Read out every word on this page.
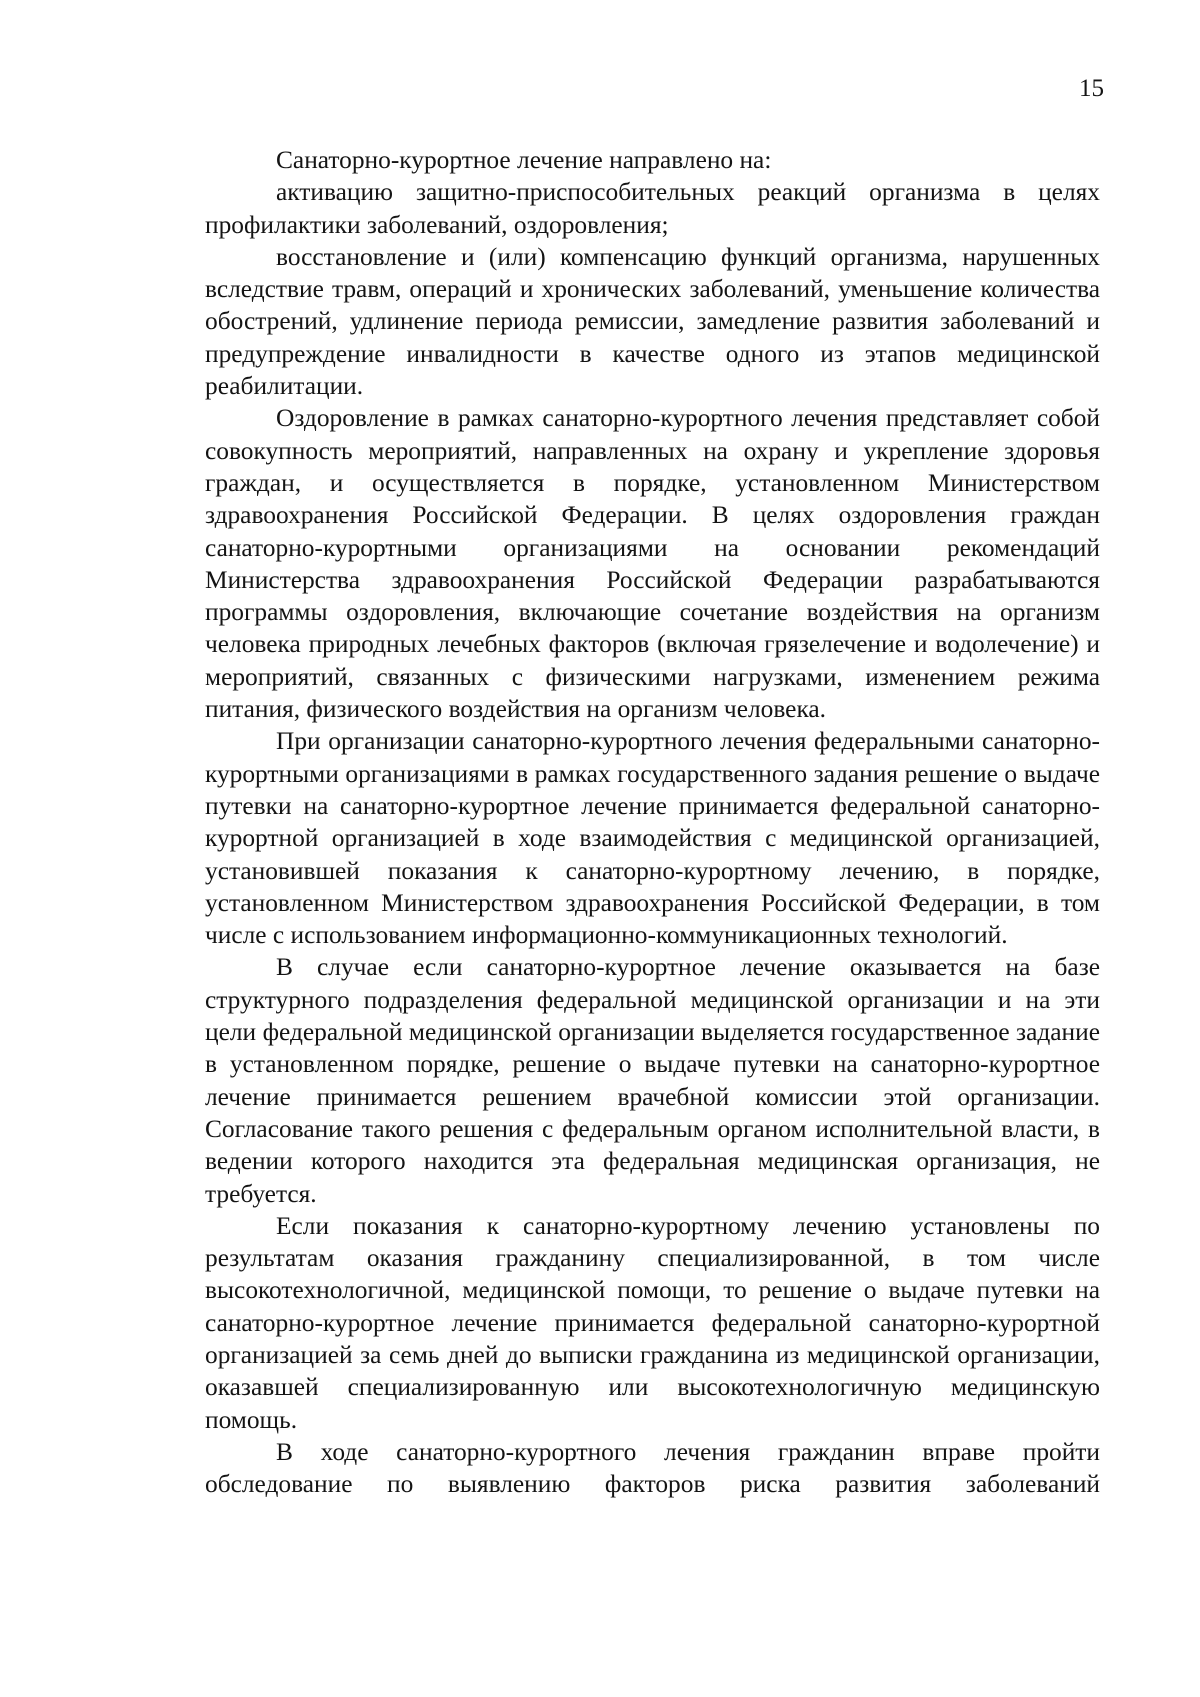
15

Санаторно-курортное лечение направлено на:

активацию защитно-приспособительных реакций организма в целях профилактики заболеваний, оздоровления;

восстановление и (или) компенсацию функций организма, нарушенных вследствие травм, операций и хронических заболеваний, уменьшение количества обострений, удлинение периода ремиссии, замедление развития заболеваний и предупреждение инвалидности в качестве одного из этапов медицинской реабилитации.

Оздоровление в рамках санаторно-курортного лечения представляет собой совокупность мероприятий, направленных на охрану и укрепление здоровья граждан, и осуществляется в порядке, установленном Министерством здравоохранения Российской Федерации. В целях оздоровления граждан санаторно-курортными организациями на основании рекомендаций Министерства здравоохранения Российской Федерации разрабатываются программы оздоровления, включающие сочетание воздействия на организм человека природных лечебных факторов (включая грязелечение и водолечение) и мероприятий, связанных с физическими нагрузками, изменением режима питания, физического воздействия на организм человека.

При организации санаторно-курортного лечения федеральными санаторно-курортными организациями в рамках государственного задания решение о выдаче путевки на санаторно-курортное лечение принимается федеральной санаторно-курортной организацией в ходе взаимодействия с медицинской организацией, установившей показания к санаторно-курортному лечению, в порядке, установленном Министерством здравоохранения Российской Федерации, в том числе с использованием информационно-коммуникационных технологий.

В случае если санаторно-курортное лечение оказывается на базе структурного подразделения федеральной медицинской организации и на эти цели федеральной медицинской организации выделяется государственное задание в установленном порядке, решение о выдаче путевки на санаторно-курортное лечение принимается решением врачебной комиссии этой организации. Согласование такого решения с федеральным органом исполнительной власти, в ведении которого находится эта федеральная медицинская организация, не требуется.

Если показания к санаторно-курортному лечению установлены по результатам оказания гражданину специализированной, в том числе высокотехнологичной, медицинской помощи, то решение о выдаче путевки на санаторно-курортное лечение принимается федеральной санаторно-курортной организацией за семь дней до выписки гражданина из медицинской организации, оказавшей специализированную или высокотехнологичную медицинскую помощь.

В ходе санаторно-курортного лечения гражданин вправе пройти обследование по выявлению факторов риска развития заболеваний
